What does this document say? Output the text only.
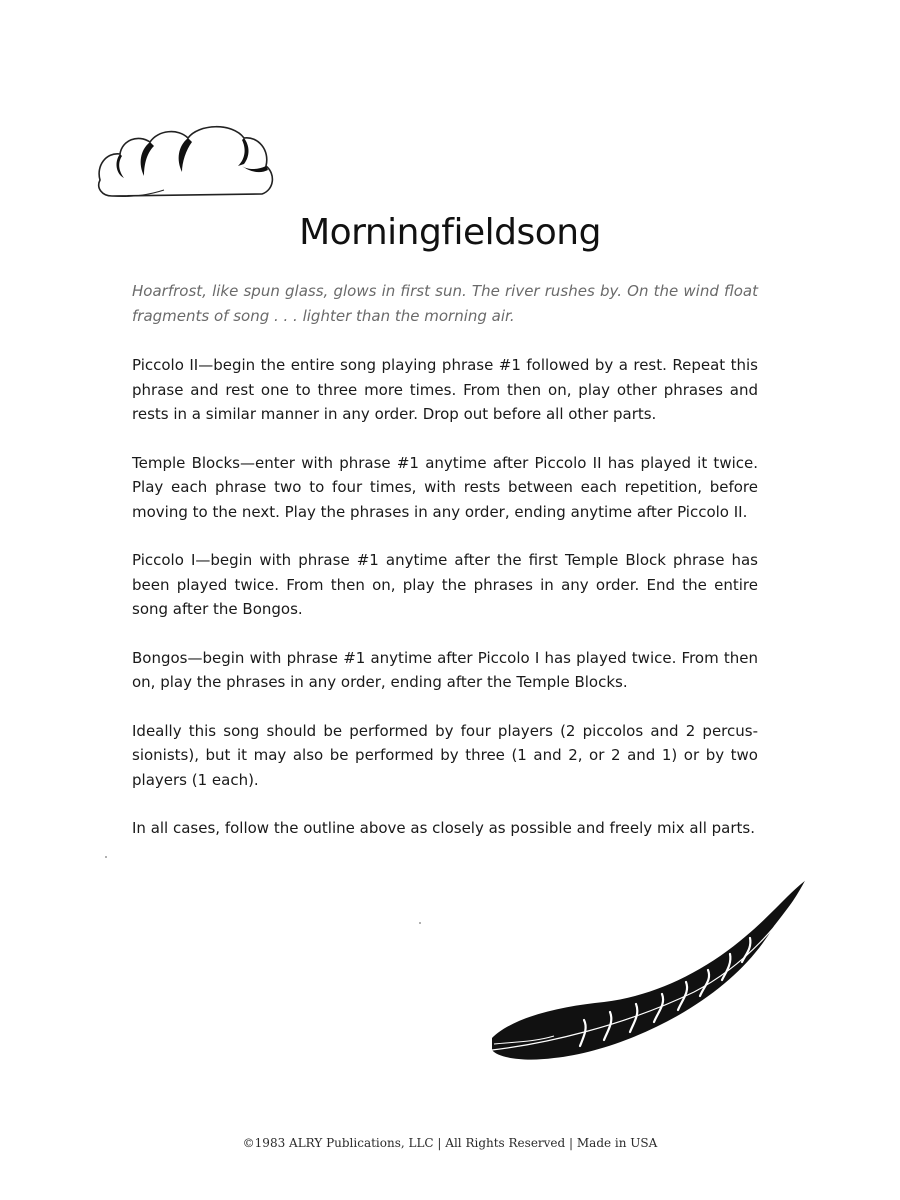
Morningfieldsong

Hoarfrost, like spun glass, glows in first sun. The river rushes by. On the wind float fragments of song . . . lighter than the morning air.

Piccolo II—begin the entire song playing phrase #1 followed by a rest. Repeat this phrase and rest one to three more times. From then on, play other phrases and rests in a similar manner in any order. Drop out before all other parts.

Temple Blocks—enter with phrase #1 anytime after Piccolo II has played it twice. Play each phrase two to four times, with rests between each repetition, before moving to the next. Play the phrases in any order, ending anytime after Piccolo II.

Piccolo I—begin with phrase #1 anytime after the first Temple Block phrase has been played twice. From then on, play the phrases in any order. End the entire song after the Bongos.

Bongos—begin with phrase #1 anytime after Piccolo I has played twice. From then on, play the phrases in any order, ending after the Temple Blocks.

Ideally this song should be performed by four players (2 piccolos and 2 percus-sionists), but it may also be performed by three (1 and 2, or 2 and 1) or by two players (1 each).

In all cases, follow the outline above as closely as possible and freely mix all parts.

©1983 ALRY Publications, LLC | All Rights Reserved | Made in USA
